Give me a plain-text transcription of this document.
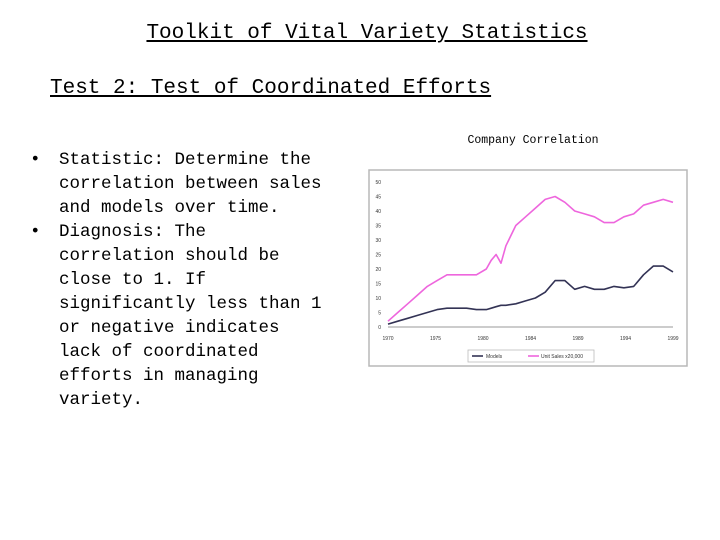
Toolkit of Vital Variety Statistics
Test 2: Test of Coordinated Efforts
• Statistic: Determine the correlation between sales and models over time.
• Diagnosis: The correlation should be close to 1. If significantly less than 1 or negative indicates lack of coordinated efforts in managing variety.
Company Correlation
0
5
10
15
20
25
30
35
40
45
50
1970	1975	1980	1984	1989	1994	1999
Models	Unit Sales x20,000
